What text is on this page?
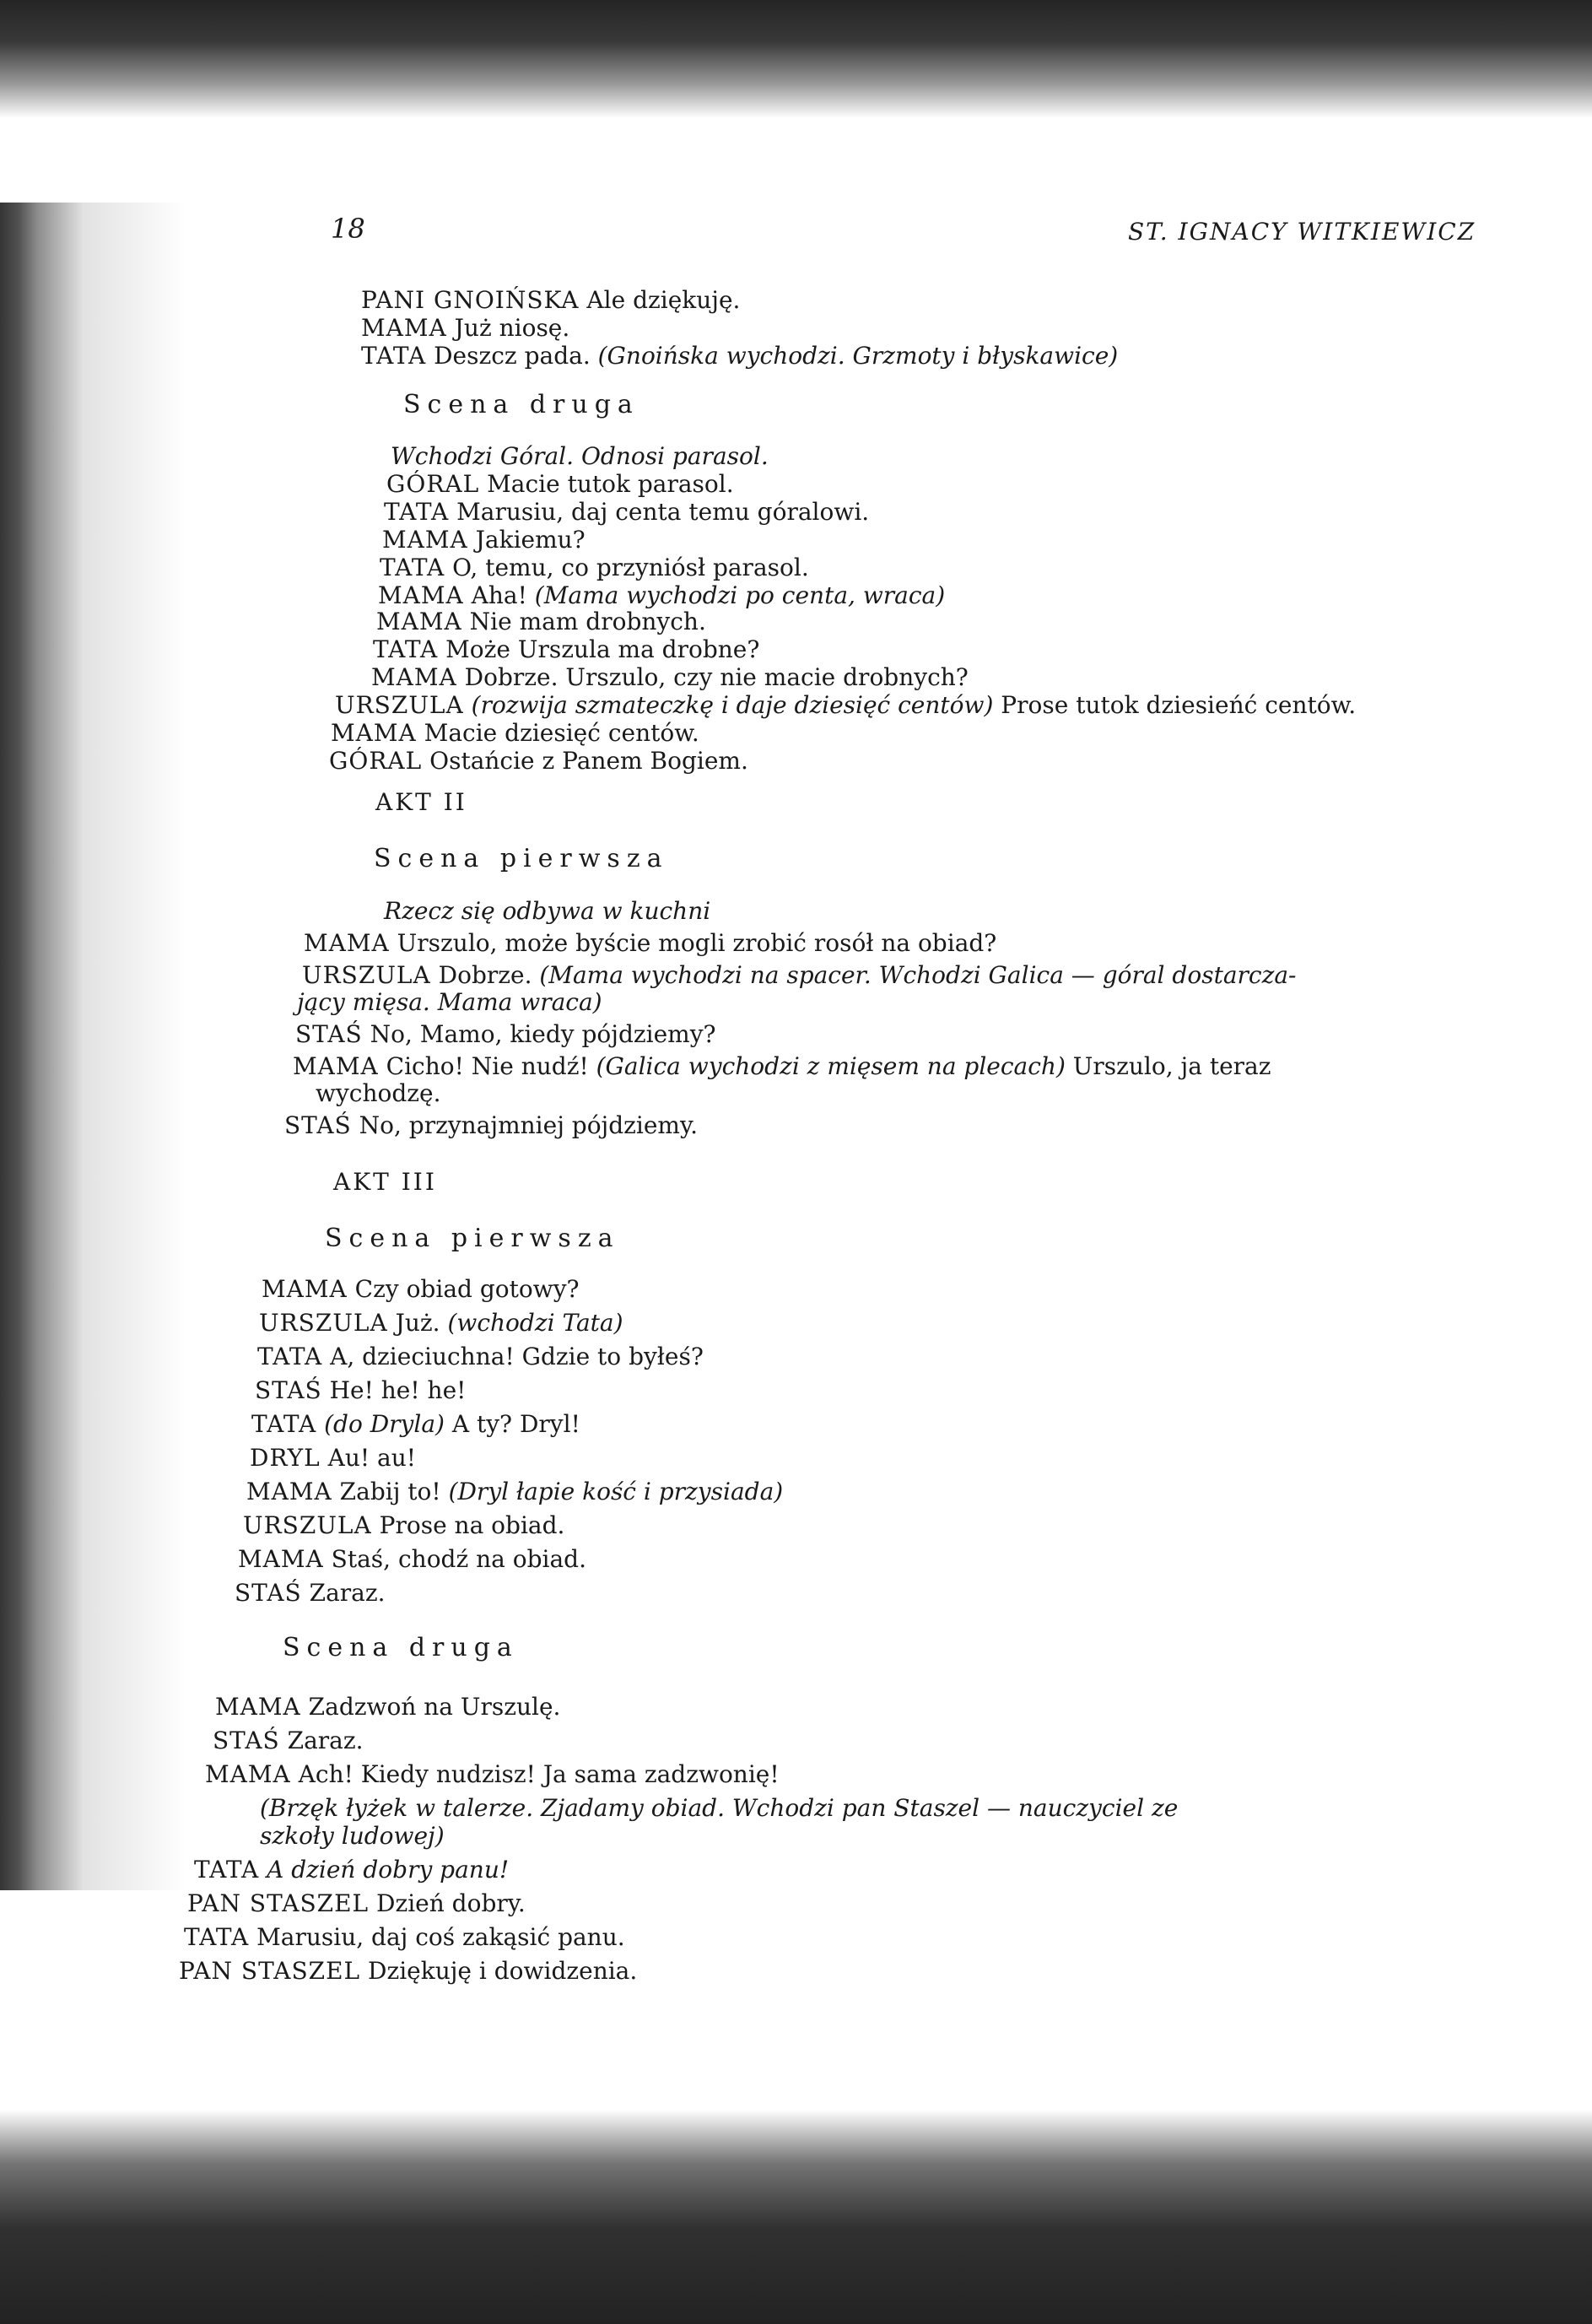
18	ST. IGNACY WITKIEWICZ
PANI GNOIŃSKA Ale dziękuję.
MAMA Już niosę.
TATA Deszcz pada. (Gnoińska wychodzi. Grzmoty i błyskawice)
Scena druga
Wchodzi Góral. Odnosi parasol.
GÓRAL Macie tutok parasol.
TATA Marusiu, daj centa temu góralowi.
MAMA Jakiemu?
TATA O, temu, co przyniósł parasol.
MAMA Aha! (Mama wychodzi po centa, wraca)
MAMA Nie mam drobnych.
TATA Może Urszula ma drobne?
MAMA Dobrze. Urszulo, czy nie macie drobnych?
URSZULA (rozwija szmateczkę i daje dziesięć centów) Prose tutok dziesieńć centów.
MAMA Macie dziesięć centów.
GÓRAL Ostańcie z Panem Bogiem.
AKT II
Scena pierwsza
Rzecz się odbywa w kuchni
MAMA Urszulo, może byście mogli zrobić rosół na obiad?
URSZULA Dobrze. (Mama wychodzi na spacer. Wchodzi Galica — góral dostarcza-
jący mięsa. Mama wraca)
STAŚ No, Mamo, kiedy pójdziemy?
MAMA Cicho! Nie nudź! (Galica wychodzi z mięsem na plecach) Urszulo, ja teraz
wychodzę.
STAŚ No, przynajmniej pójdziemy.
AKT III
Scena pierwsza
MAMA Czy obiad gotowy?
URSZULA Już. (wchodzi Tata)
TATA A, dzieciuchna! Gdzie to byłeś?
STAŚ He! he! he!
TATA (do Dryla) A ty? Dryl!
DRYL Au! au!
MAMA Zabij to! (Dryl łapie kość i przysiada)
URSZULA Prose na obiad.
MAMA Staś, chodź na obiad.
STAŚ Zaraz.
Scena druga
MAMA Zadzwoń na Urszulę.
STAŚ Zaraz.
MAMA Ach! Kiedy nudzisz! Ja sama zadzwonię!
(Brzęk łyżek w talerze. Zjadamy obiad. Wchodzi pan Staszel — nauczyciel ze
szkoły ludowej)
TATA A dzień dobry panu!
PAN STASZEL Dzień dobry.
TATA Marusiu, daj coś zakąsić panu.
PAN STASZEL Dziękuję i dowidzenia.
